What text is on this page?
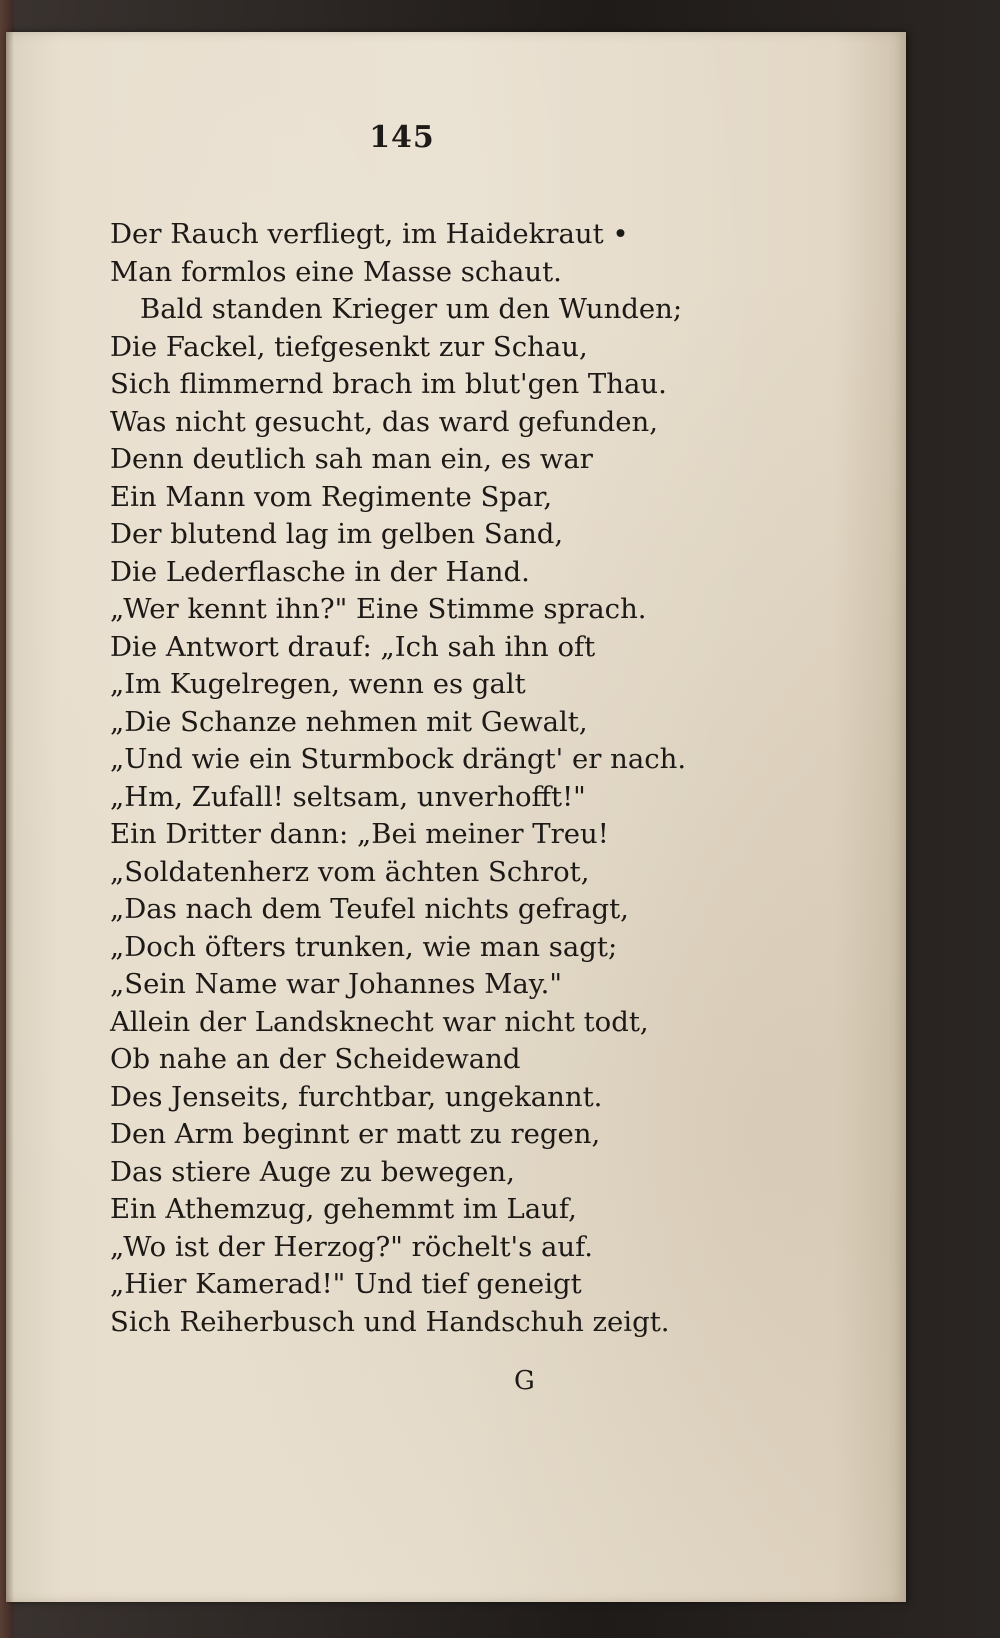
145
Der Rauch verfliegt, im Haidekraut •
Man formlos eine Masse schaut.
Bald standen Krieger um den Wunden;
Die Fackel, tiefgesenkt zur Schau,
Sich flimmernd brach im blut'gen Thau.
Was nicht gesucht, das ward gefunden,
Denn deutlich sah man ein, es war
Ein Mann vom Regimente Spar,
Der blutend lag im gelben Sand,
Die Lederflasche in der Hand.
„Wer kennt ihn?" Eine Stimme sprach.
Die Antwort drauf: „Ich sah ihn oft
„Im Kugelregen, wenn es galt
„Die Schanze nehmen mit Gewalt,
„Und wie ein Sturmbock drängt' er nach.
„Hm, Zufall! seltsam, unverhofft!"
Ein Dritter dann: „Bei meiner Treu!
„Soldatenherz vom ächten Schrot,
„Das nach dem Teufel nichts gefragt,
„Doch öfters trunken, wie man sagt;
„Sein Name war Johannes May."
Allein der Landsknecht war nicht todt,
Ob nahe an der Scheidewand
Des Jenseits, furchtbar, ungekannt.
Den Arm beginnt er matt zu regen,
Das stiere Auge zu bewegen,
Ein Athemzug, gehemmt im Lauf,
„Wo ist der Herzog?" röchelt's auf.
„Hier Kamerad!" Und tief geneigt
Sich Reiherbusch und Handschuh zeigt.
G
